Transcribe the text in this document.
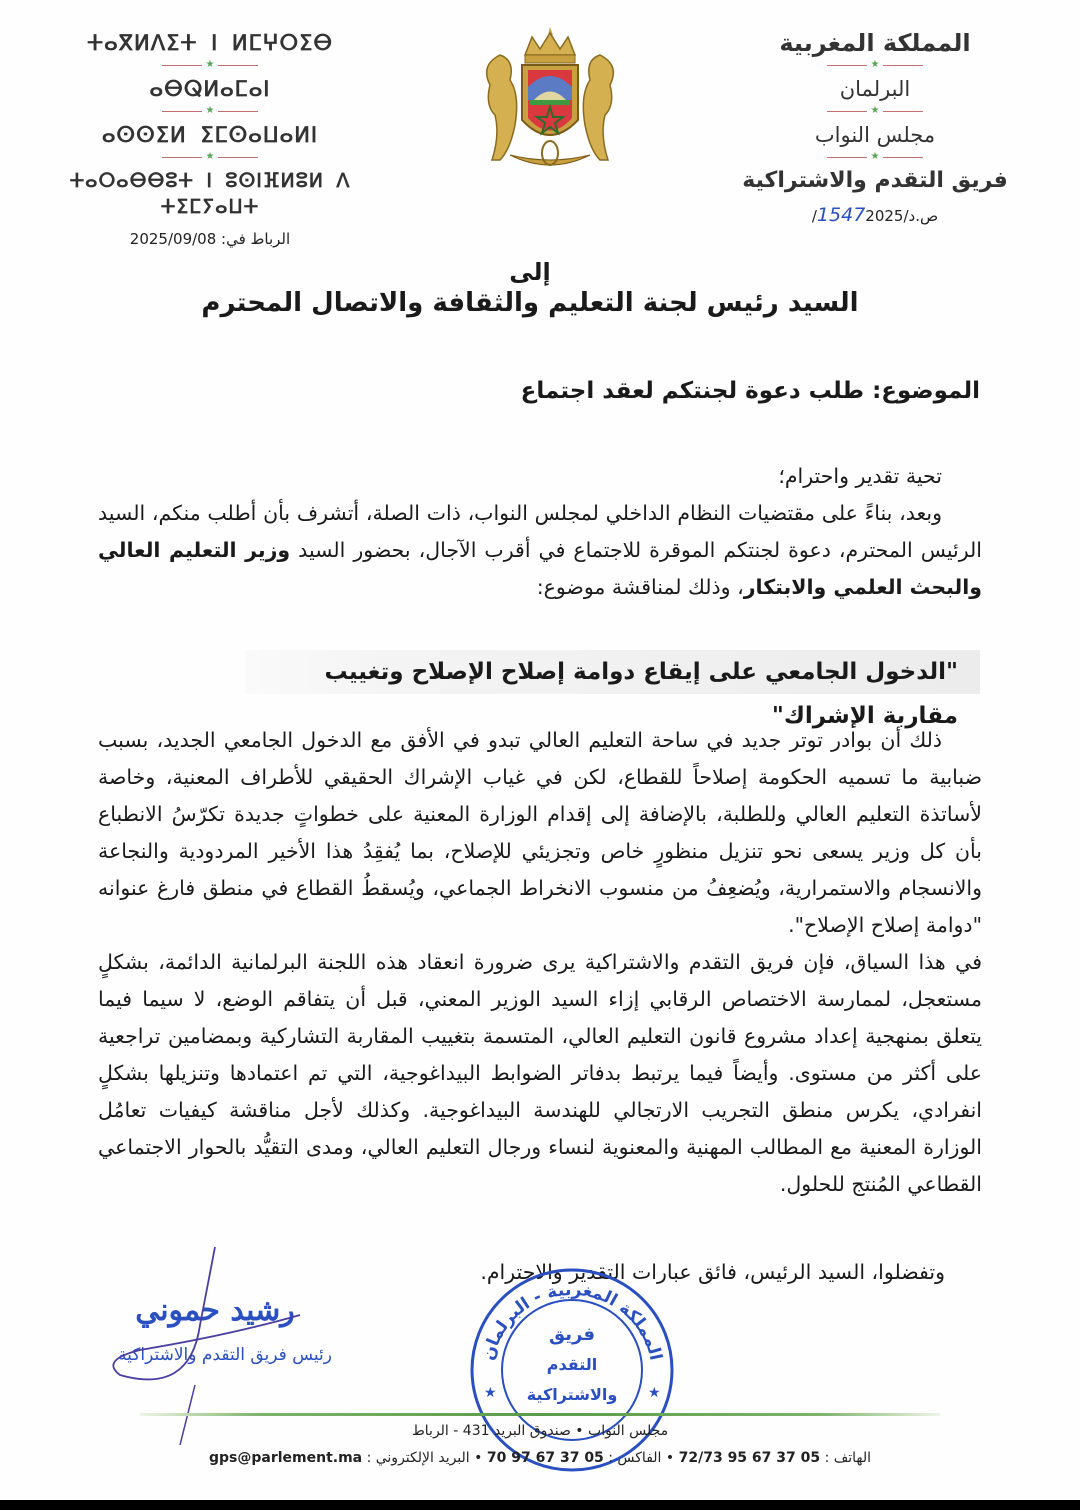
ⵜⴰⴳⵍⴷⵉⵜ ⵏ ⵍⵎⵖⵔⵉⴱ
★
ⴰⴱⵕⵍⴰⵎⴰⵏ
★
ⴰⵙⵙⵉⵍ ⵉⵎⵙⴰⵡⴰⵍⵏ
★
ⵜⴰⵔⴰⴱⴱⵓⵜ ⵏ ⵓⵙⵏⴼⵍⵓⵍ ⴷ ⵜⵉⵎⵢⴰⵡⵜ
الرباط في: 2025/09/08
المملكة المغربية
★
البرلمان
★
مجلس النواب
★
فريق التقدم والاشتراكية
ص.د/15472025/
إلى
السيد رئيس لجنة التعليم والثقافة والاتصال المحترم
الموضوع: طلب دعوة لجنتكم لعقد اجتماع

تحية تقدير واحترام؛

وبعد، بناءً على مقتضيات النظام الداخلي لمجلس النواب، ذات الصلة، أتشرف بأن أطلب منكم، السيد الرئيس المحترم، دعوة لجنتكم الموقرة للاجتماع في أقرب الآجال، بحضور السيد وزير التعليم العالي والبحث العلمي والابتكار، وذلك لمناقشة موضوع:

"الدخول الجامعي على إيقاع دوامة إصلاح الإصلاح وتغييب مقاربة الإشراك"

ذلك أن بوادر توتر جديد في ساحة التعليم العالي تبدو في الأفق مع الدخول الجامعي الجديد، بسبب ضبابية ما تسميه الحكومة إصلاحاً للقطاع، لكن في غياب الإشراك الحقيقي للأطراف المعنية، وخاصة لأساتذة التعليم العالي وللطلبة، بالإضافة إلى إقدام الوزارة المعنية على خطواتٍ جديدة تكرّسُ الانطباع بأن كل وزير يسعى نحو تنزيل منظورٍ خاص وتجزيئي للإصلاح، بما يُفقِدُ هذا الأخير المردودية والنجاعة والانسجام والاستمرارية، ويُضعِفُ من منسوب الانخراط الجماعي، ويُسقطُ القطاع في منطق فارغ عنوانه "دوامة إصلاح الإصلاح".

في هذا السياق، فإن فريق التقدم والاشتراكية يرى ضرورة انعقاد هذه اللجنة البرلمانية الدائمة، بشكلٍ مستعجل، لممارسة الاختصاص الرقابي إزاء السيد الوزير المعني، قبل أن يتفاقم الوضع، لا سيما فيما يتعلق بمنهجية إعداد مشروع قانون التعليم العالي، المتسمة بتغييب المقاربة التشاركية وبمضامين تراجعية على أكثر من مستوى. وأيضاً فيما يرتبط بدفاتر الضوابط البيداغوجية، التي تم اعتمادها وتنزيلها بشكلٍ انفرادي، يكرس منطق التجريب الارتجالي للهندسة البيداغوجية. وكذلك لأجل مناقشة كيفيات تعامُل الوزارة المعنية مع المطالب المهنية والمعنوية لنساء ورجال التعليم العالي، ومدى التقيُّد بالحوار الاجتماعي القطاعي المُنتج للحلول.

وتفضلوا، السيد الرئيس، فائق عبارات التقدير والاحترام.
رشيد حموني
رئيس فريق التقدم والاشتراكية
فريق
التقدم
والاشتراكية
★	★
المملكة المغربية - البرلمان
مجلس النواب • صندوق البريد 431 - الرباط
الهاتف : 05 37 67 95 72/73 • الفاكس : 05 37 67 97 70 • البريد الإلكتروني : gps@parlement.ma
